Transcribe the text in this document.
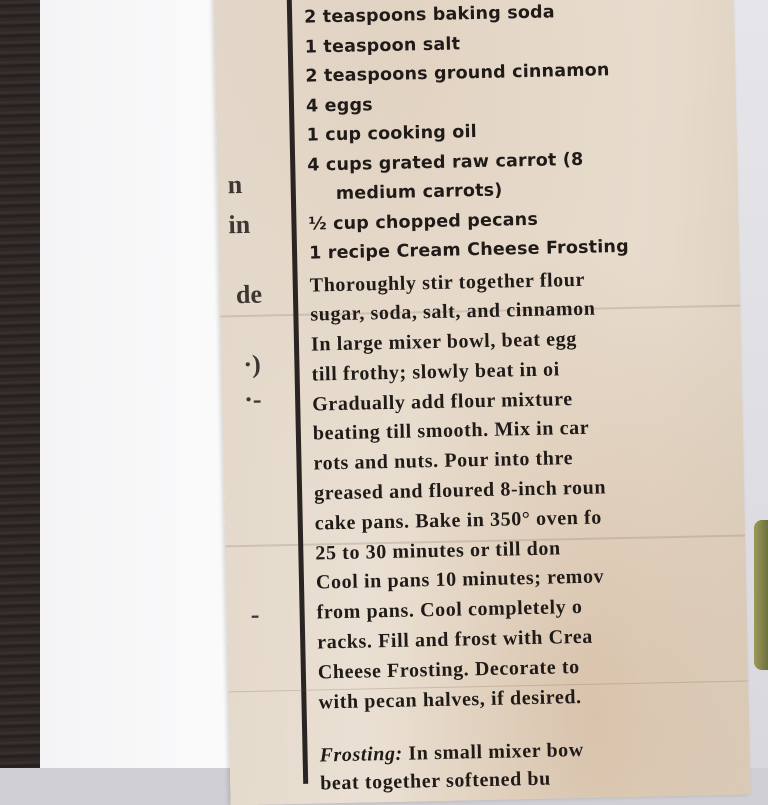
n
in
de
·)
·-
-
2 teaspoons baking soda
1 teaspoon salt
2 teaspoons ground cinnamon
4 eggs
1 cup cooking oil
4 cups grated raw carrot (8
medium carrots)
½ cup chopped pecans
1 recipe Cream Cheese Frosting
Thoroughly stir together flour
sugar, soda, salt, and cinnamon
In large mixer bowl, beat egg
till frothy; slowly beat in oi
Gradually add flour mixture
beating till smooth. Mix in car
rots and nuts. Pour into thre
greased and floured 8-inch roun
cake pans. Bake in 350° oven fo
25 to 30 minutes or till don
Cool in pans 10 minutes; remov
from pans. Cool completely o
racks. Fill and frost with Crea
Cheese Frosting. Decorate to
with pecan halves, if desired.
Frosting: In small mixer bow
beat together softened bu
